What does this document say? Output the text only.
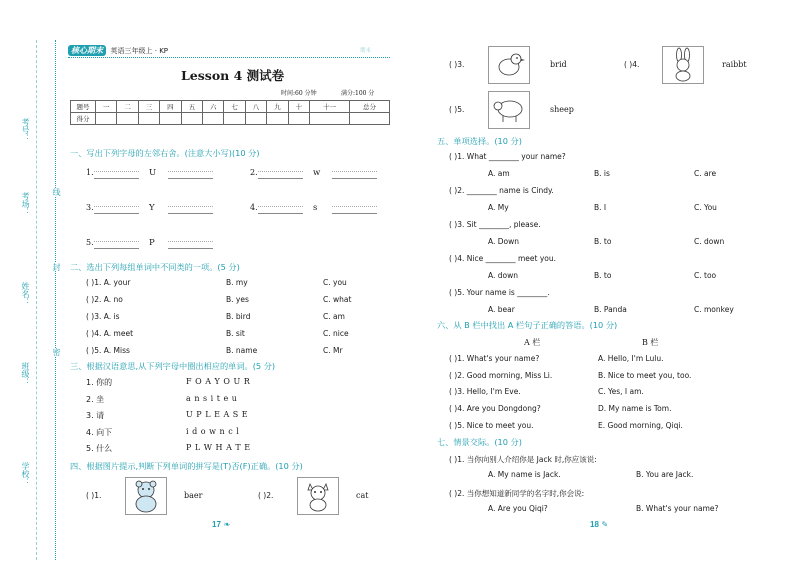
考号：
考场：
姓名：
班级：
学校：
线
封
密
核心期末 英语三年级上 · KP	期末
Lesson 4 测试卷
时间:60 分钟	满分:100 分
题号	一	二	三	四	五	六	七	八	九	十	十一	总分
得分												
一、写出下列字母的左邻右舍。(注意大小写)(10 分)
1.	U	2.	w
3.	Y	4.	s
5.	P
二、选出下列每组单词中不同类的一项。(5 分)
( )1. A. your	B. my	C. you
( )2. A. no	B. yes	C. what
( )3. A. is	B. bird	C. am
( )4. A. meet	B. sit	C. nice
( )5. A. Miss	B. name	C. Mr
三、根据汉语意思,从下列字母中圈出相应的单词。(5 分)
1. 你的	F O A Y O U R
2. 坐	a n s i t e u
3. 请	U P L E A S E
4. 向下	i d o w n c l
5. 什么	P L W H A T E
四、根据图片提示,判断下列单词的拼写是(T)否(F)正确。(10 分)
( )1.	baer	( )2.	cat
17 ❧
( )3.	brid	( )4.	raibbt
( )5.	sheep
五、单项选择。(10 分)
( )1. What ________ your name?
A. am	B. is	C. are
( )2. ________ name is Cindy.
A. My	B. I	C. You
( )3. Sit ________, please.
A. Down	B. to	C. down
( )4. Nice ________ meet you.
A. down	B. to	C. too
( )5. Your name is ________.
A. bear	B. Panda	C. monkey
六、从 B 栏中找出 A 栏句子正确的答语。(10 分)
A 栏	B 栏
( )1. What's your name?	A. Hello, I'm Lulu.
( )2. Good morning, Miss Li.	B. Nice to meet you, too.
( )3. Hello, I'm Eve.	C. Yes, I am.
( )4. Are you Dongdong?	D. My name is Tom.
( )5. Nice to meet you.	E. Good morning, Qiqi.
七、情景交际。(10 分)
( )1. 当你向别人介绍你是 Jack 时,你应该说:
A. My name is Jack.	B. You are Jack.
( )2. 当你想知道新同学的名字时,你会说:
A. Are you Qiqi?	B. What's your name?
18 ✎
